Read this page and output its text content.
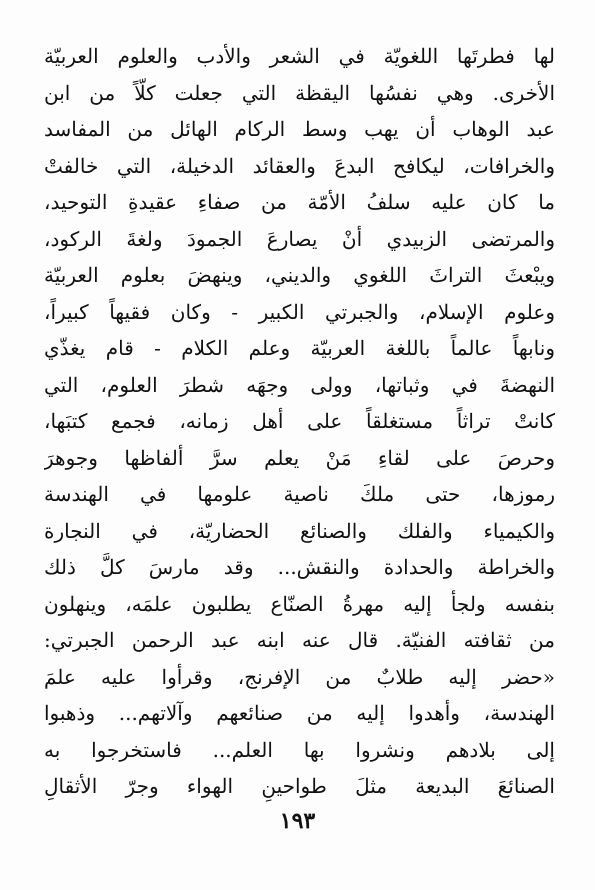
لها فطرتَها اللغويّة في الشعر والأدب والعلوم العربيّة
الأخرى. وهي نفسُها اليقظة التي جعلت كلّاً من ابن
عبد الوهاب أن يهب وسط الركام الهائل من المفاسد
والخرافات، ليكافح البدعَ والعقائد الدخيلة، التي خالفتْ
ما كان عليه سلفُ الأمّة من صفاءِ عقيدةِ التوحيد،
والمرتضى الزبيدي أنْ يصارعَ الجمودَ ولغةَ الركود،
ويبْعثَ التراثَ اللغوي والديني، وينهضَ بعلوم العربيّة
وعلوم الإسلام، والجبرتي الكبير - وكان فقيهاً كبيراً،
ونابهاً عالماً باللغة العربيّة وعلم الكلام - قام يغذّي
النهضةَ في وثباتها، وولى وجهَه شطرَ العلوم، التي
كانتْ تراثاً مستغلقاً على أهل زمانه، فجمع كتبَها،
وحرصَ على لقاءِ مَنْ يعلم سرَّ ألفاظها وجوهرَ
رموزها، حتى ملكَ ناصية علومها في الهندسة
والكيمياء والفلك والصنائع الحضاريّة، في النجارة
والخراطة والحدادة والنقش... وقد مارسَ كلَّ ذلك
بنفسه ولجأ إليه مهرةُ الصنّاع يطلبون علمَه، وينهلون
من ثقافته الفنيّة. قال عنه ابنه عبد الرحمن الجبرتي:
«حضر إليه طلابٌ من الإفرنج، وقرأوا عليه علمَ
الهندسة، وأهدوا إليه من صنائعهم وآلاتهم... وذهبوا
إلى بلادهم ونشروا بها العلم... فاستخرجوا به
الصنائعَ البديعة مثلَ طواحينِ الهواء وجرّ الأثقالِ
١٩٣
